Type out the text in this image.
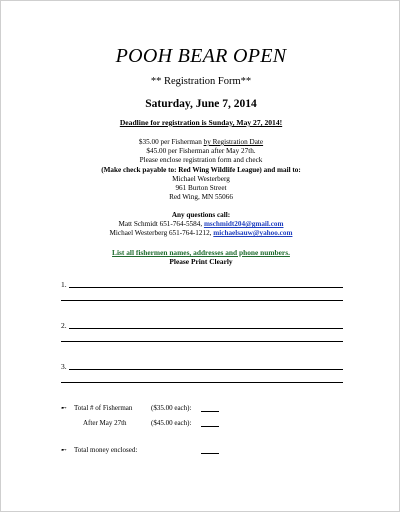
POOH BEAR OPEN
** Registration Form**
Saturday, June 7, 2014
Deadline for registration is Sunday, May 27, 2014!
$35.00 per Fisherman by Registration Date
$45.00 per Fisherman after May 27th.
Please enclose registration form and check
(Make check payable to: Red Wing Wildlife League) and mail to:
Michael Westerberg
961 Burton Street
Red Wing, MN 55066
Any questions call:
Matt Schmidt 651-764-5584, mschmidt204@gmail.com
Michael Westerberg 651-764-1212, michaelsauw@yahoo.com
List all fishermen names, addresses and phone numbers.
Please Print Clearly
1.
2.
3.
➸ Total # of Fisherman	($35.00 each):
After May 27th	($45.00 each):
➸ Total money enclosed:
